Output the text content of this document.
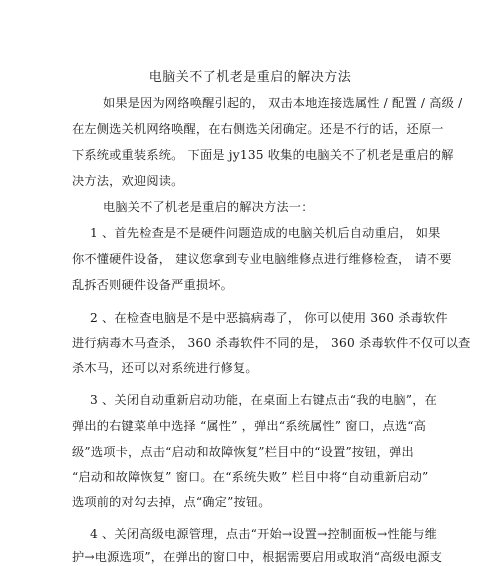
电脑关不了机老是重启的解决方法
如果是因为网络唤醒引起的， 双击本地连接选属性 / 配置 / 高级 /
在左侧选关机网络唤醒，在右侧选关闭确定。还是不行的话，还原一
下系统或重装系统。 下面是 jy135 收集的电脑关不了机老是重启的解
决方法，欢迎阅读。
电脑关不了机老是重启的解决方法一：
1 、首先检查是不是硬件问题造成的电脑关机后自动重启， 如果
你不懂硬件设备， 建议您拿到专业电脑维修点进行维修检查， 请不要
乱拆否则硬件设备严重损坏。
2 、在检查电脑是不是中恶搞病毒了， 你可以使用 360 杀毒软件
进行病毒木马查杀， 360 杀毒软件不同的是， 360 杀毒软件不仅可以查
杀木马，还可以对系统进行修复。
3 、关闭自动重新启动功能，在桌面上右键点击“我的电脑”，在
弹出的右键菜单中选择 “属性” ，弹出“系统属性” 窗口，点选“高
级”选项卡，点击“启动和故障恢复”栏目中的“设置”按钮，弹出
“启动和故障恢复” 窗口。在“系统失败” 栏目中将“自动重新启动”
选项前的对勾去掉，点“确定”按钮。
4 、关闭高级电源管理，点击“开始→设置→控制面板→性能与维
护→电源选项”，在弹出的窗口中，根据需要启用或取消“高级电源支
